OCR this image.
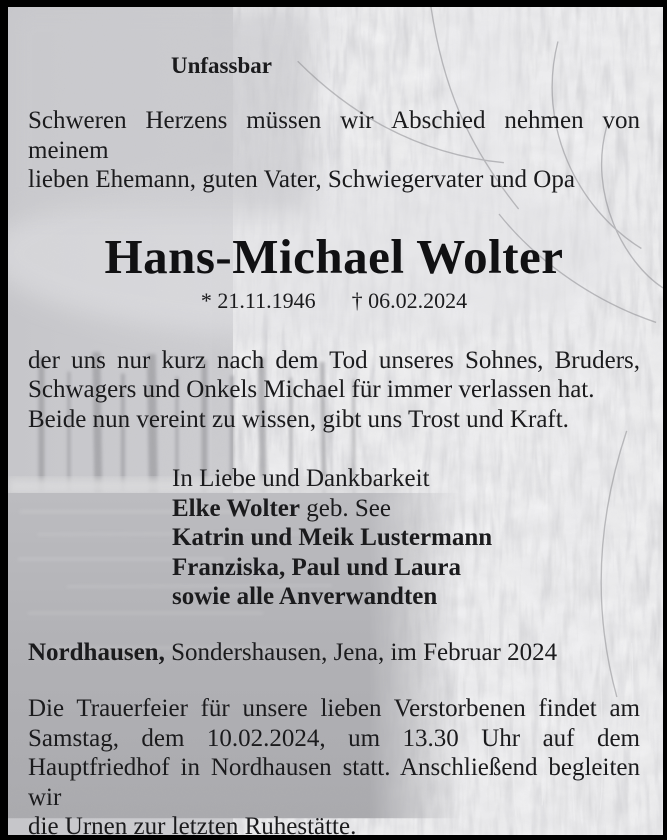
Unfassbar
Schweren Herzens müssen wir Abschied nehmen von meinem
lieben Ehemann, guten Vater, Schwiegervater und Opa
Hans-Michael Wolter
* 21.11.1946 † 06.02.2024
der uns nur kurz nach dem Tod unseres Sohnes, Bruders,
Schwagers und Onkels Michael für immer verlassen hat.
Beide nun vereint zu wissen, gibt uns Trost und Kraft.
In Liebe und Dankbarkeit
Elke Wolter geb. See
Katrin und Meik Lustermann
Franziska, Paul und Laura
sowie alle Anverwandten
Nordhausen, Sondershausen, Jena, im Februar 2024
Die Trauerfeier für unsere lieben Verstorbenen findet am
Samstag, dem 10.02.2024, um 13.30 Uhr auf dem
Hauptfriedhof in Nordhausen statt. Anschließend begleiten wir
die Urnen zur letzten Ruhestätte.
